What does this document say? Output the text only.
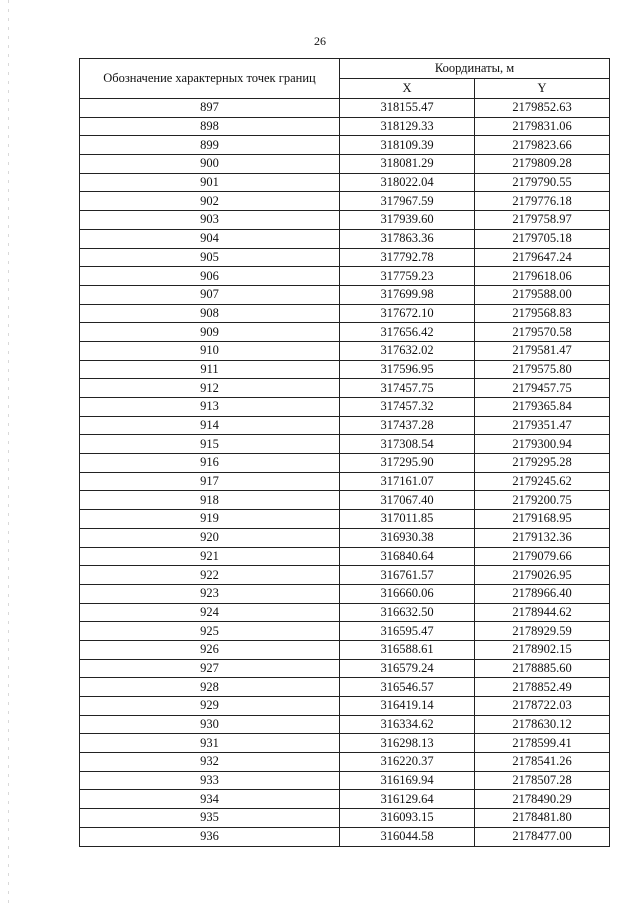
26
Обозначение характерных точек границ	Координаты, м	
	X	Y
897	318155.47	2179852.63
898	318129.33	2179831.06
899	318109.39	2179823.66
900	318081.29	2179809.28
901	318022.04	2179790.55
902	317967.59	2179776.18
903	317939.60	2179758.97
904	317863.36	2179705.18
905	317792.78	2179647.24
906	317759.23	2179618.06
907	317699.98	2179588.00
908	317672.10	2179568.83
909	317656.42	2179570.58
910	317632.02	2179581.47
911	317596.95	2179575.80
912	317457.75	2179457.75
913	317457.32	2179365.84
914	317437.28	2179351.47
915	317308.54	2179300.94
916	317295.90	2179295.28
917	317161.07	2179245.62
918	317067.40	2179200.75
919	317011.85	2179168.95
920	316930.38	2179132.36
921	316840.64	2179079.66
922	316761.57	2179026.95
923	316660.06	2178966.40
924	316632.50	2178944.62
925	316595.47	2178929.59
926	316588.61	2178902.15
927	316579.24	2178885.60
928	316546.57	2178852.49
929	316419.14	2178722.03
930	316334.62	2178630.12
931	316298.13	2178599.41
932	316220.37	2178541.26
933	316169.94	2178507.28
934	316129.64	2178490.29
935	316093.15	2178481.80
936	316044.58	2178477.00
